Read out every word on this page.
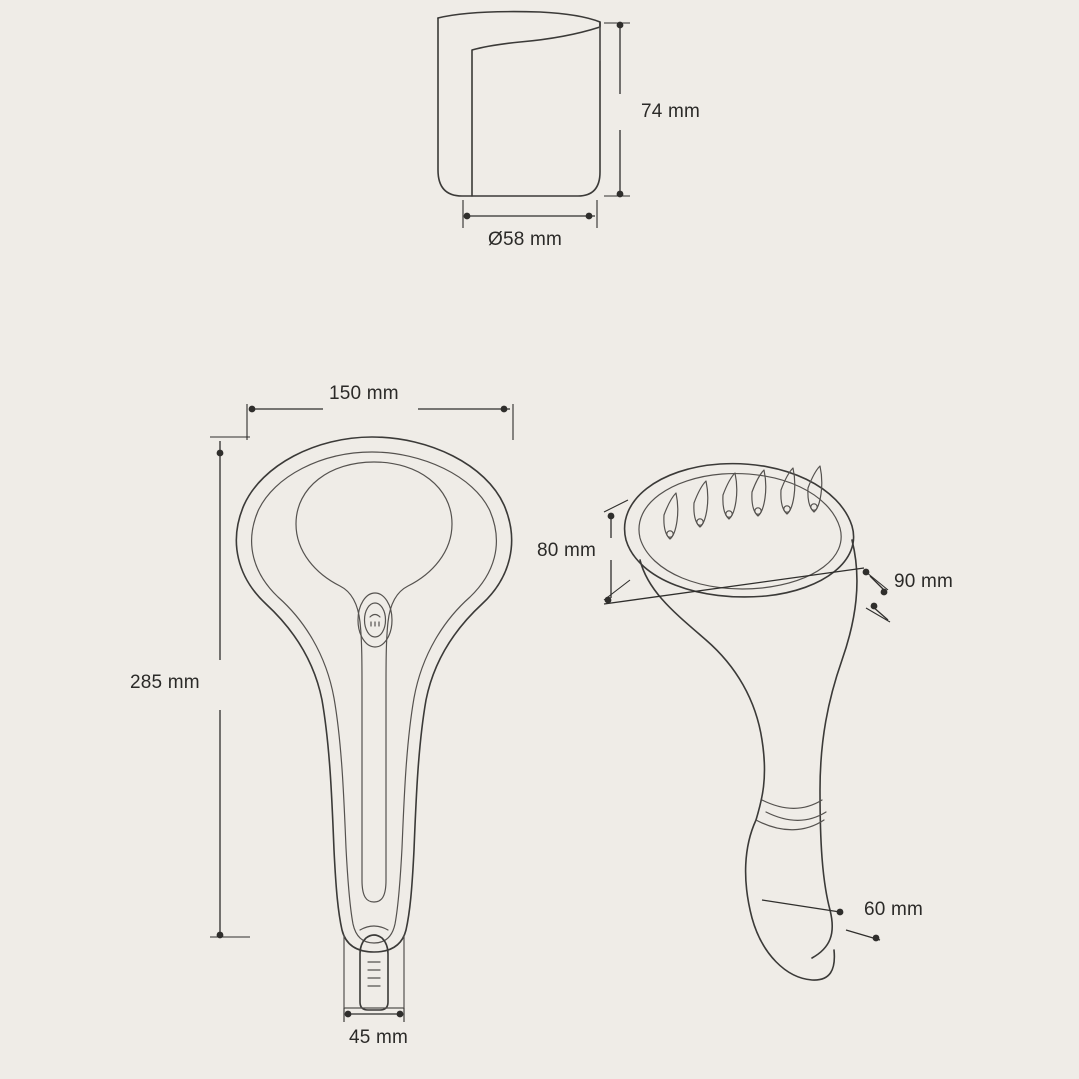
74 mm
Ø58 mm
150 mm
285 mm
45 mm
80 mm
90 mm
60 mm
